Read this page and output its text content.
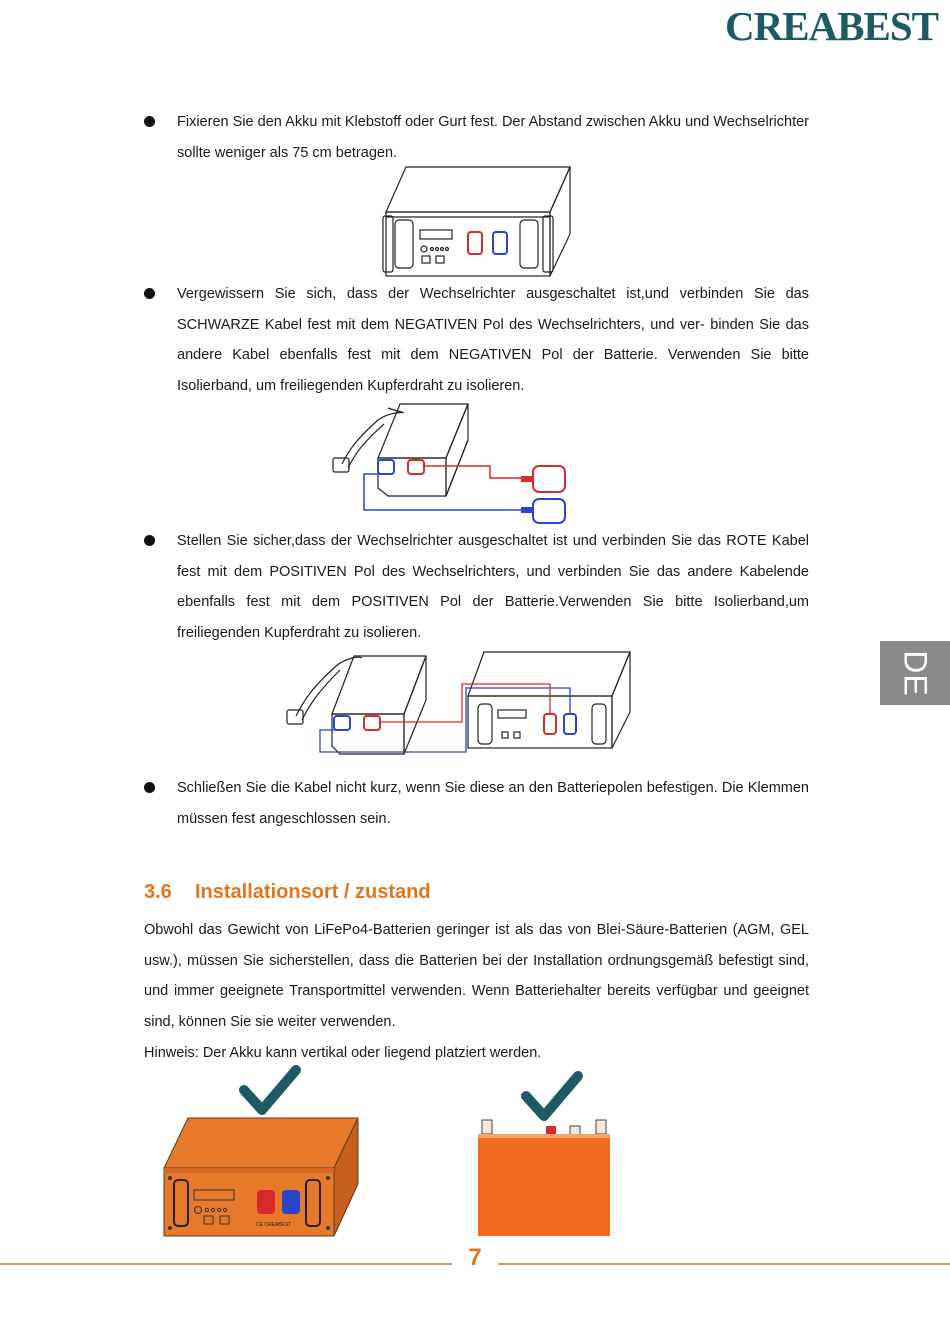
CREABEST
DE
Fixieren Sie den Akku mit Klebstoff oder Gurt fest. Der Abstand zwischen Akku und Wechselrichter sollte weniger als 75 cm betragen.
Vergewissern Sie sich, dass der Wechselrichter ausgeschaltet ist,und verbinden Sie das SCHWARZE Kabel fest mit dem NEGATIVEN Pol des Wechselrichters, und ver- binden Sie das andere Kabel ebenfalls fest mit dem NEGATIVEN Pol der Batterie. Verwenden Sie bitte Isolierband, um freiliegenden Kupferdraht zu isolieren.
Stellen Sie sicher,dass der Wechselrichter ausgeschaltet ist und verbinden Sie das ROTE Kabel fest mit dem POSITIVEN Pol des Wechselrichters, und verbinden Sie das andere Kabelende ebenfalls fest mit dem POSITIVEN Pol der Batterie.Verwenden Sie bitte Isolierband,um freiliegenden Kupferdraht zu isolieren.
Schließen Sie die Kabel nicht kurz, wenn Sie diese an den Batteriepolen befestigen. Die Klemmen müssen fest angeschlossen sein.
3.6 Installationsort / zustand
Obwohl das Gewicht von LiFePo4-Batterien geringer ist als das von Blei-Säure-Batterien (AGM, GEL usw.), müssen Sie sicherstellen, dass die Batterien bei der Installation ordnungsgemäß befestigt sind, und immer geeignete Transportmittel verwenden. Wenn Batteriehalter bereits verfügbar und geeignet sind, können Sie sie weiter verwenden.
Hinweis: Der Akku kann vertikal oder liegend platziert werden.
CE CREABEST
7
